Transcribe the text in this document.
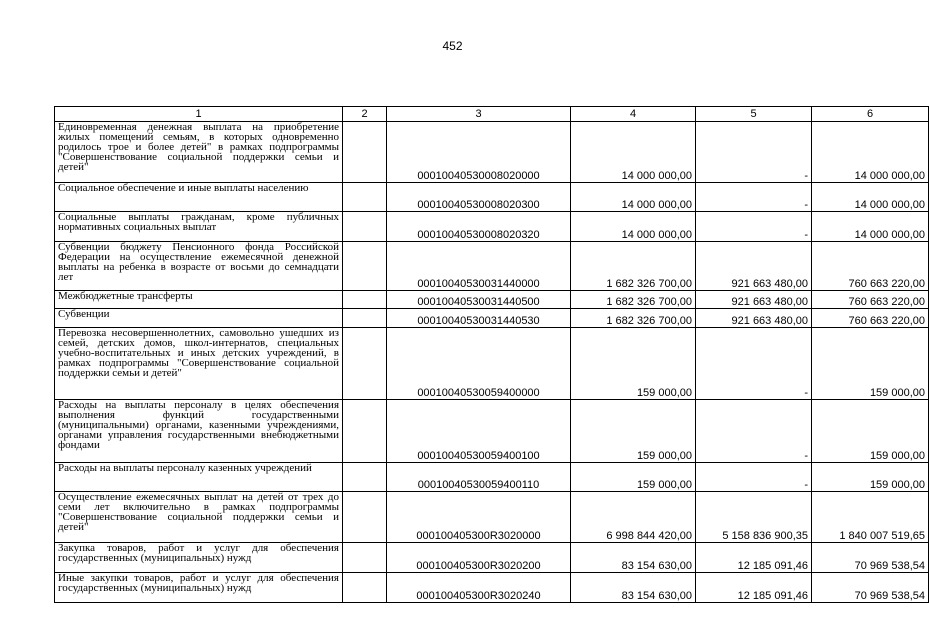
452
1	2	3	4	5	6
Единовременная денежная выплата на приобретение жилых помещений семьям, в которых одновременно родилось трое и более детей" в рамках подпрограммы "Совершенствование социальной поддержки семьи и детей"		00010040530008020000	14 000 000,00	-	14 000 000,00
Социальное обеспечение и иные выплаты населению		00010040530008020300	14 000 000,00	-	14 000 000,00
Социальные выплаты гражданам, кроме публичных нормативных социальных выплат		00010040530008020320	14 000 000,00	-	14 000 000,00
Субвенции бюджету Пенсионного фонда Российской Федерации на осуществление ежемесячной денежной выплаты на ребенка в возрасте от восьми до семнадцати лет		00010040530031440000	1 682 326 700,00	921 663 480,00	760 663 220,00
Межбюджетные трансферты		00010040530031440500	1 682 326 700,00	921 663 480,00	760 663 220,00
Субвенции		00010040530031440530	1 682 326 700,00	921 663 480,00	760 663 220,00
Перевозка несовершеннолетних, самовольно ушедших из семей, детских домов, школ-интернатов, специальных учебно-воспитательных и иных детских учреждений, в рамках подпрограммы "Совершенствование социальной поддержки семьи и детей"		00010040530059400000	159 000,00	-	159 000,00
Расходы на выплаты персоналу в целях обеспечения выполнения функций государственными (муниципальными) органами, казенными учреждениями, органами управления государственными внебюджетными фондами		00010040530059400100	159 000,00	-	159 000,00
Расходы на выплаты персоналу казенных учреждений		00010040530059400110	159 000,00	-	159 000,00
Осуществление ежемесячных выплат на детей от трех до семи лет включительно в рамках подпрограммы "Совершенствование социальной поддержки семьи и детей"		000100405300R3020000	6 998 844 420,00	5 158 836 900,35	1 840 007 519,65
Закупка товаров, работ и услуг для обеспечения государственных (муниципальных) нужд		000100405300R3020200	83 154 630,00	12 185 091,46	70 969 538,54
Иные закупки товаров, работ и услуг для обеспечения государственных (муниципальных) нужд		000100405300R3020240	83 154 630,00	12 185 091,46	70 969 538,54
